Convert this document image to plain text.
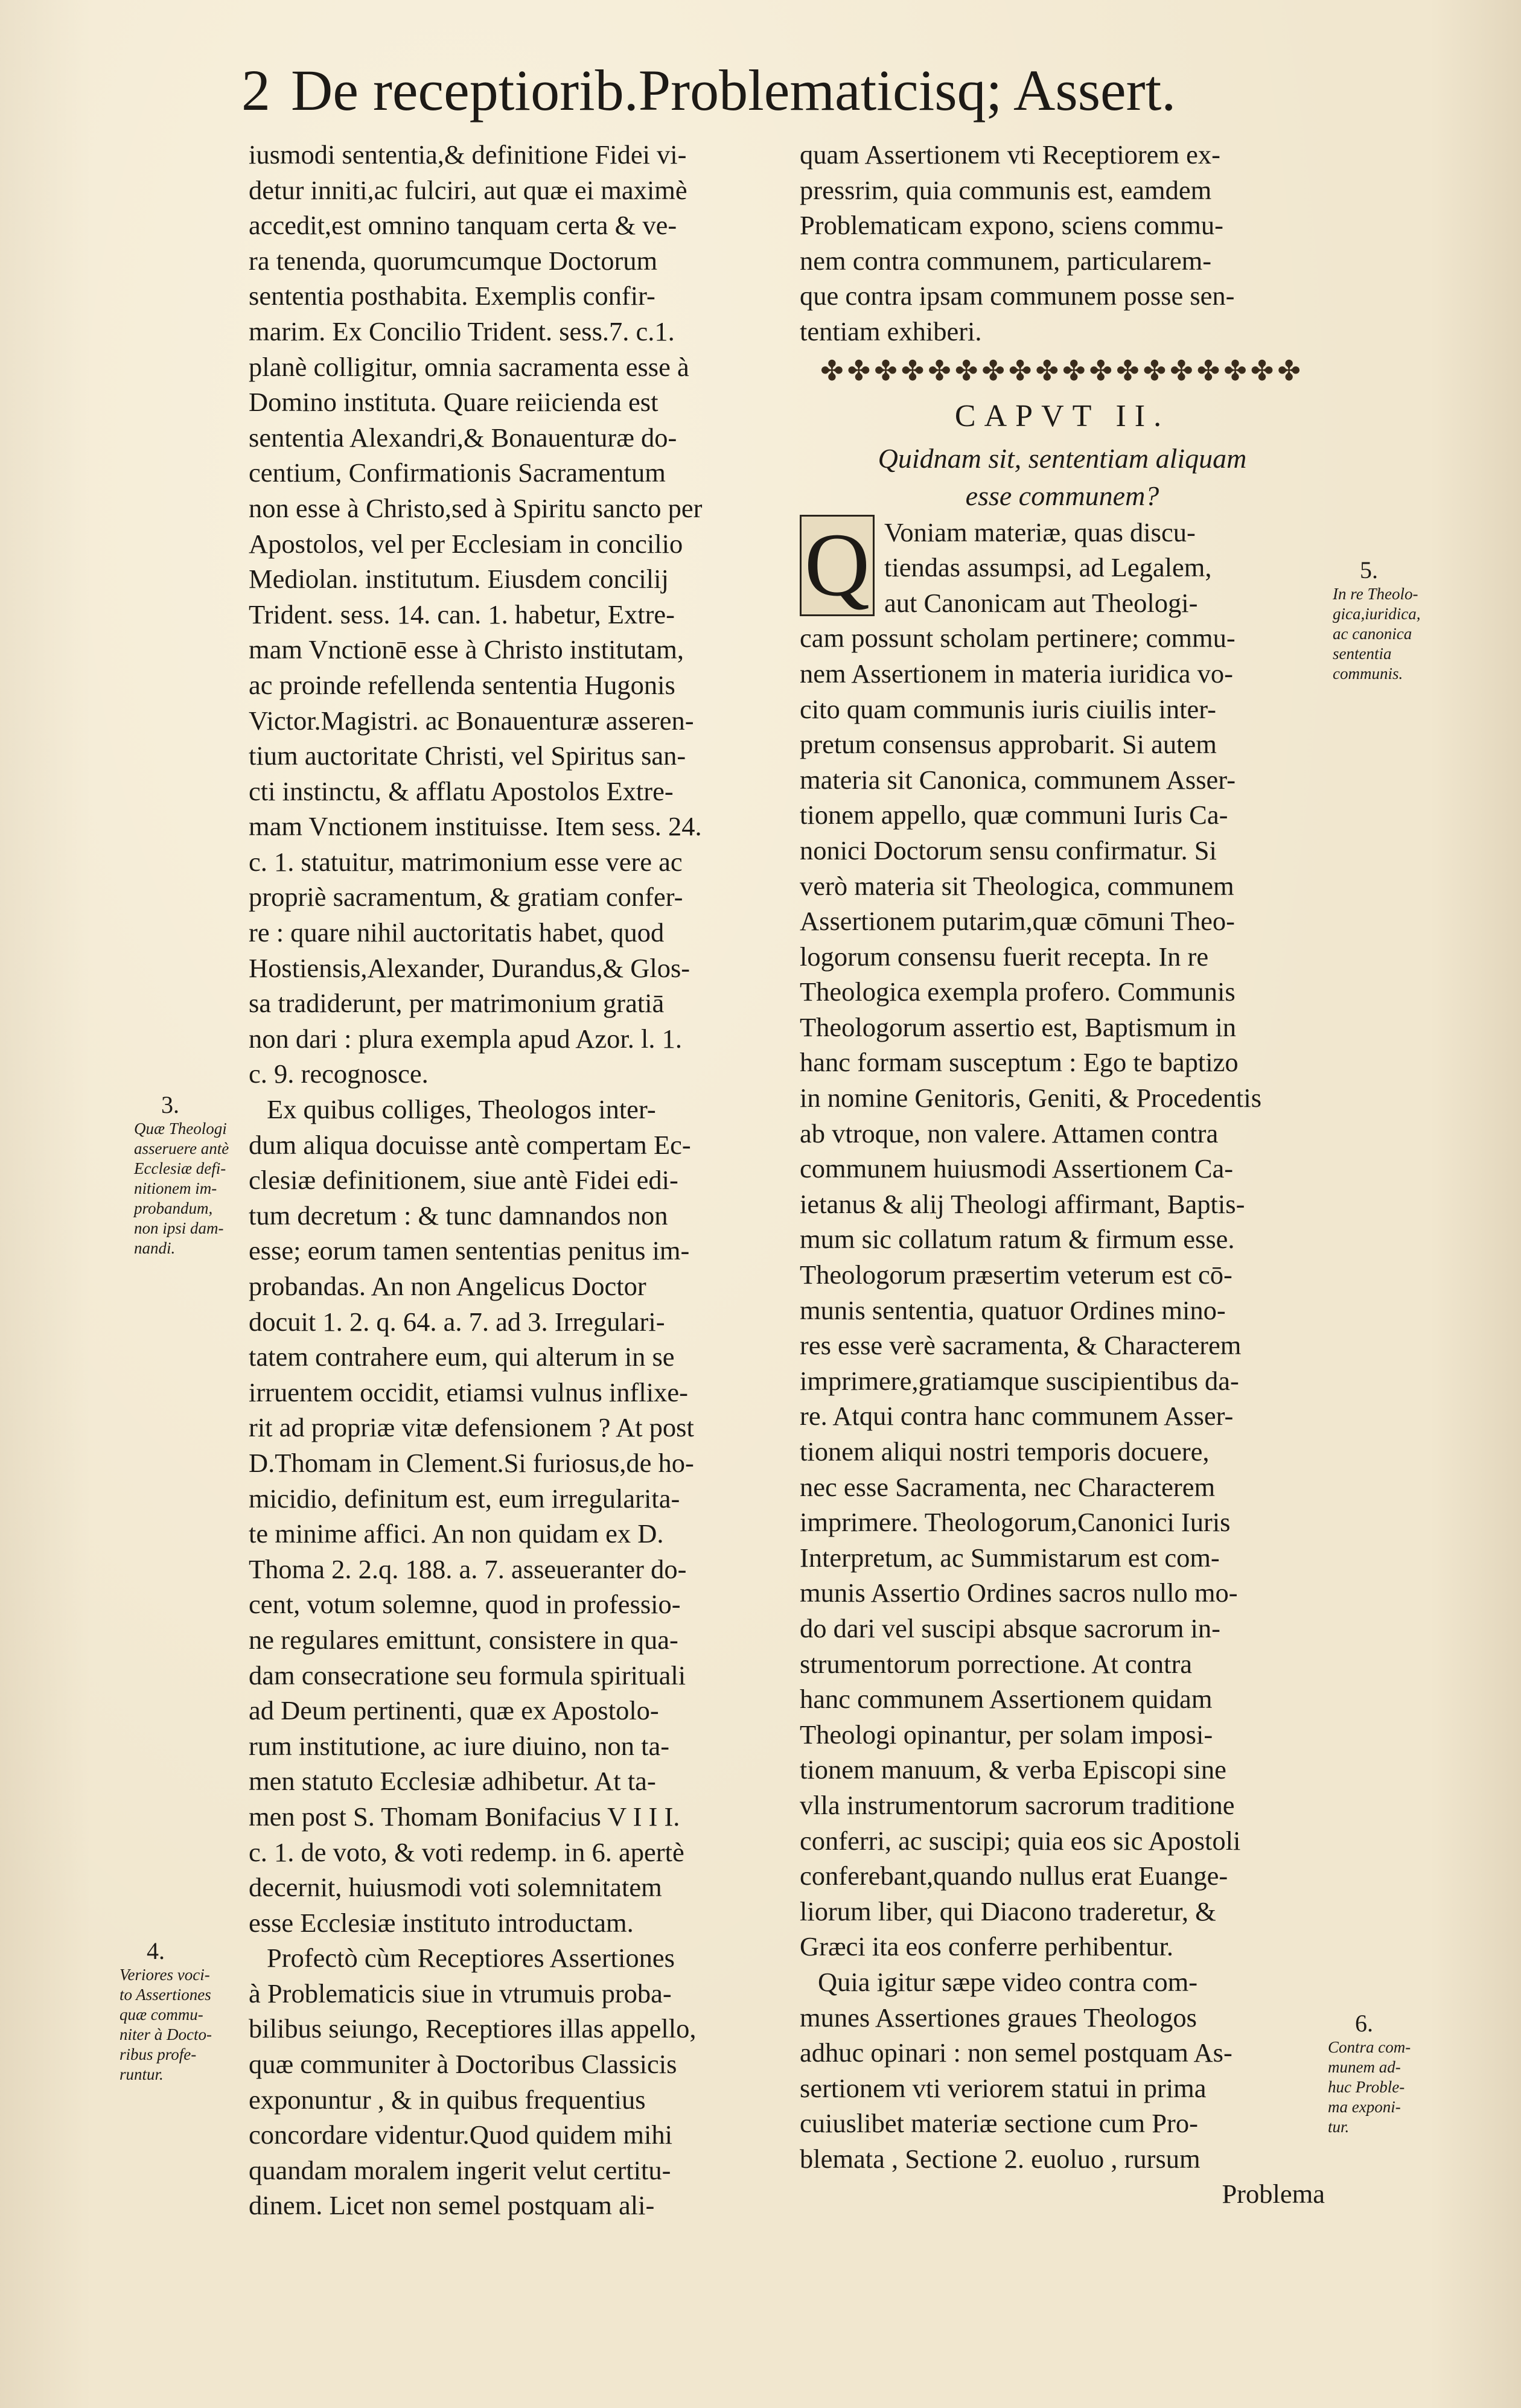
2 De receptiorib.Problematicisq; Assert.
iusmodi sententia,& definitione Fidei vi-
detur inniti,ac fulciri, aut quæ ei maximè
accedit,est omnino tanquam certa & ve-
ra tenenda, quorumcumque Doctorum
sententia posthabita. Exemplis confir-
marim. Ex Concilio Trident. sess.7. c.1.
planè colligitur, omnia sacramenta esse à
Domino instituta. Quare reiicienda est
sententia Alexandri,& Bonauenturæ do-
centium, Confirmationis Sacramentum
non esse à Christo,sed à Spiritu sancto per
Apostolos, vel per Ecclesiam in concilio
Mediolan. institutum. Eiusdem concilij
Trident. sess. 14. can. 1. habetur, Extre-
mam Vnctionē esse à Christo institutam,
ac proinde refellenda sententia Hugonis
Victor.Magistri. ac Bonauenturæ asseren-
tium auctoritate Christi, vel Spiritus san-
cti instinctu, & afflatu Apostolos Extre-
mam Vnctionem instituisse. Item sess. 24.
c. 1. statuitur, matrimonium esse vere ac
propriè sacramentum, & gratiam confer-
re : quare nihil auctoritatis habet, quod
Hostiensis,Alexander, Durandus,& Glos-
sa tradiderunt, per matrimonium gratiā
non dari : plura exempla apud Azor. l. 1.
c. 9. recognosce.
Ex quibus colliges, Theologos inter-
dum aliqua docuisse antè compertam Ec-
clesiæ definitionem, siue antè Fidei edi-
tum decretum : & tunc damnandos non
esse; eorum tamen sententias penitus im-
probandas. An non Angelicus Doctor
docuit 1. 2. q. 64. a. 7. ad 3. Irregulari-
tatem contrahere eum, qui alterum in se
irruentem occidit, etiamsi vulnus inflixe-
rit ad propriæ vitæ defensionem ? At post
D.Thomam in Clement.Si furiosus,de ho-
micidio, definitum est, eum irregularita-
te minime affici. An non quidam ex D.
Thoma 2. 2.q. 188. a. 7. asseueranter do-
cent, votum solemne, quod in professio-
ne regulares emittunt, consistere in qua-
dam consecratione seu formula spirituali
ad Deum pertinenti, quæ ex Apostolo-
rum institutione, ac iure diuino, non ta-
men statuto Ecclesiæ adhibetur. At ta-
men post S. Thomam Bonifacius V I I I.
c. 1. de voto, & voti redemp. in 6. apertè
decernit, huiusmodi voti solemnitatem
esse Ecclesiæ instituto introductam.
Profectò cùm Receptiores Assertiones
à Problematicis siue in vtrumuis proba-
bilibus seiungo, Receptiores illas appello,
quæ communiter à Doctoribus Classicis
exponuntur , & in quibus frequentius
concordare videntur.Quod quidem mihi
quandam moralem ingerit velut certitu-
dinem. Licet non semel postquam ali-
quam Assertionem vti Receptiorem ex-
pressrim, quia communis est, eamdem
Problematicam expono, sciens commu-
nem contra communem, particularem-
que contra ipsam communem posse sen-
tentiam exhiberi.
✤✤✤✤✤✤✤✤✤✤✤✤✤✤✤✤✤✤
CAPVT II.
Quidnam sit, sententiam aliquam
esse communem?
Q Voniam materiæ, quas discu-
tiendas assumpsi, ad Legalem,
aut Canonicam aut Theologi-
cam possunt scholam pertinere; commu-
nem Assertionem in materia iuridica vo-
cito quam communis iuris ciuilis inter-
pretum consensus approbarit. Si autem
materia sit Canonica, communem Asser-
tionem appello, quæ communi Iuris Ca-
nonici Doctorum sensu confirmatur. Si
verò materia sit Theologica, communem
Assertionem putarim,quæ cōmuni Theo-
logorum consensu fuerit recepta. In re
Theologica exempla profero. Communis
Theologorum assertio est, Baptismum in
hanc formam susceptum : Ego te baptizo
in nomine Genitoris, Geniti, & Procedentis
ab vtroque, non valere. Attamen contra
communem huiusmodi Assertionem Ca-
ietanus & alij Theologi affirmant, Baptis-
mum sic collatum ratum & firmum esse.
Theologorum præsertim veterum est cō-
munis sententia, quatuor Ordines mino-
res esse verè sacramenta, & Characterem
imprimere,gratiamque suscipientibus da-
re. Atqui contra hanc communem Asser-
tionem aliqui nostri temporis docuere,
nec esse Sacramenta, nec Characterem
imprimere. Theologorum,Canonici Iuris
Interpretum, ac Summistarum est com-
munis Assertio Ordines sacros nullo mo-
do dari vel suscipi absque sacrorum in-
strumentorum porrectione. At contra
hanc communem Assertionem quidam
Theologi opinantur, per solam imposi-
tionem manuum, & verba Episcopi sine
vlla instrumentorum sacrorum traditione
conferri, ac suscipi; quia eos sic Apostoli
conferebant,quando nullus erat Euange-
liorum liber, qui Diacono traderetur, &
Græci ita eos conferre perhibentur.
Quia igitur sæpe video contra com-
munes Assertiones graues Theologos
adhuc opinari : non semel postquam As-
sertionem vti veriorem statui in prima
cuiuslibet materiæ sectione cum Pro-
blemata , Sectione 2. euoluo , rursum
Problema
3.
Quæ Theologi
asseruere antè
Ecclesiæ defi-
nitionem im-
probandum,
non ipsi dam-
nandi.
4.
Veriores voci-
to Assertiones
quæ commu-
niter à Docto-
ribus profe-
runtur.
5.
In re Theolo-
gica,iuridica,
ac canonica
sententia
communis.
6.
Contra com-
munem ad-
huc Proble-
ma exponi-
tur.
